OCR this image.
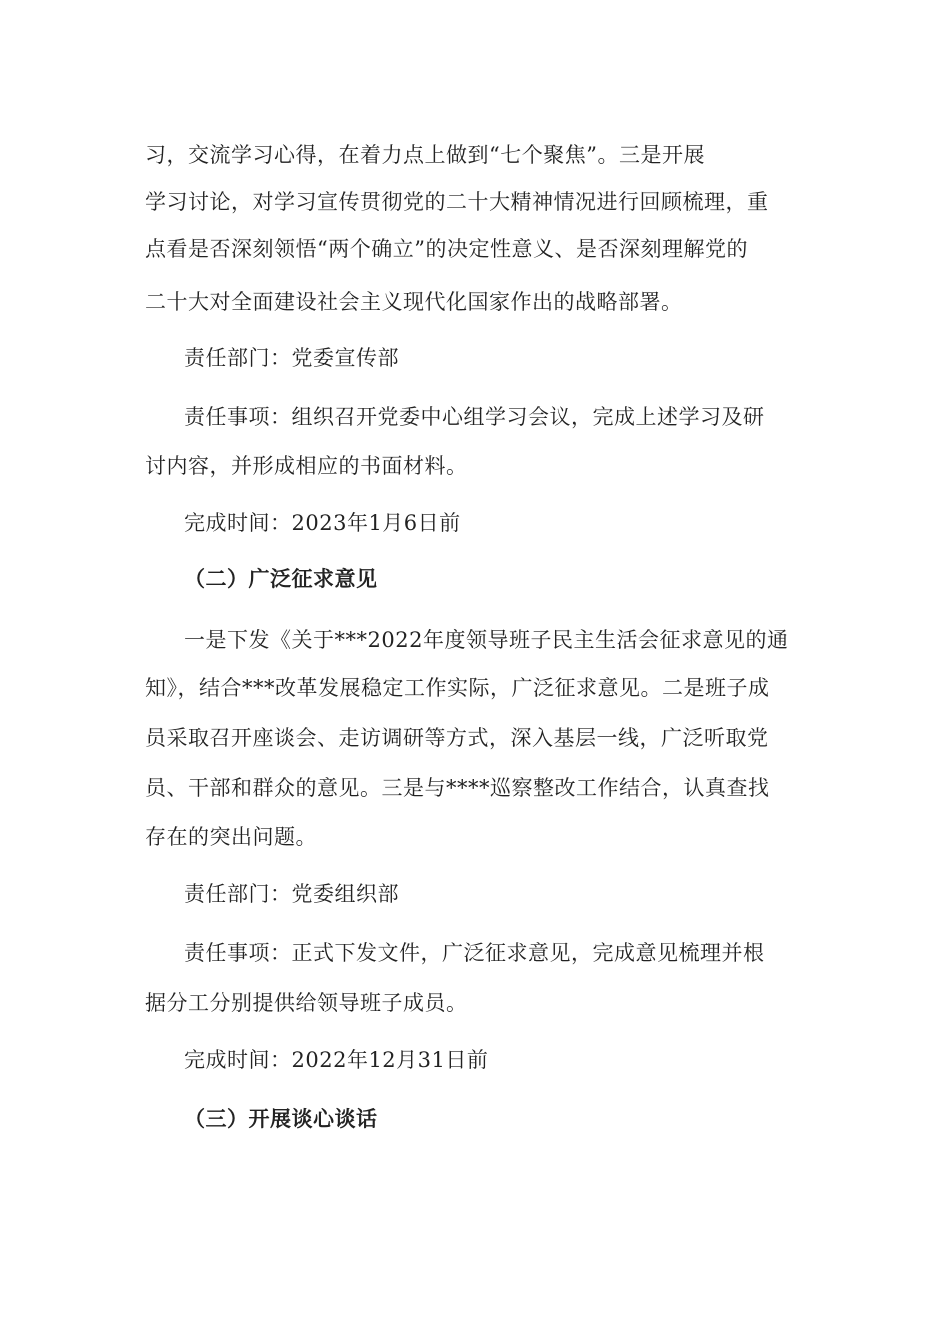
习，交流学习心得，在着力点上做到“七个聚焦”。三是开展
学习讨论，对学习宣传贯彻党的二十大精神情况进行回顾梳理，重
点看是否深刻领悟“两个确立”的决定性意义、是否深刻理解党的
二十大对全面建设社会主义现代化国家作出的战略部署。
责任部门：党委宣传部
责任事项：组织召开党委中心组学习会议，完成上述学习及研
讨内容，并形成相应的书面材料。
完成时间：2023年1月6日前
（二）广泛征求意见
一是下发《关于***2022年度领导班子民主生活会征求意见的通
知》，结合***改革发展稳定工作实际，广泛征求意见。二是班子成
员采取召开座谈会、走访调研等方式，深入基层一线，广泛听取党
员、干部和群众的意见。三是与****巡察整改工作结合，认真查找
存在的突出问题。
责任部门：党委组织部
责任事项：正式下发文件，广泛征求意见，完成意见梳理并根
据分工分别提供给领导班子成员。
完成时间：2022年12月31日前
（三）开展谈心谈话
